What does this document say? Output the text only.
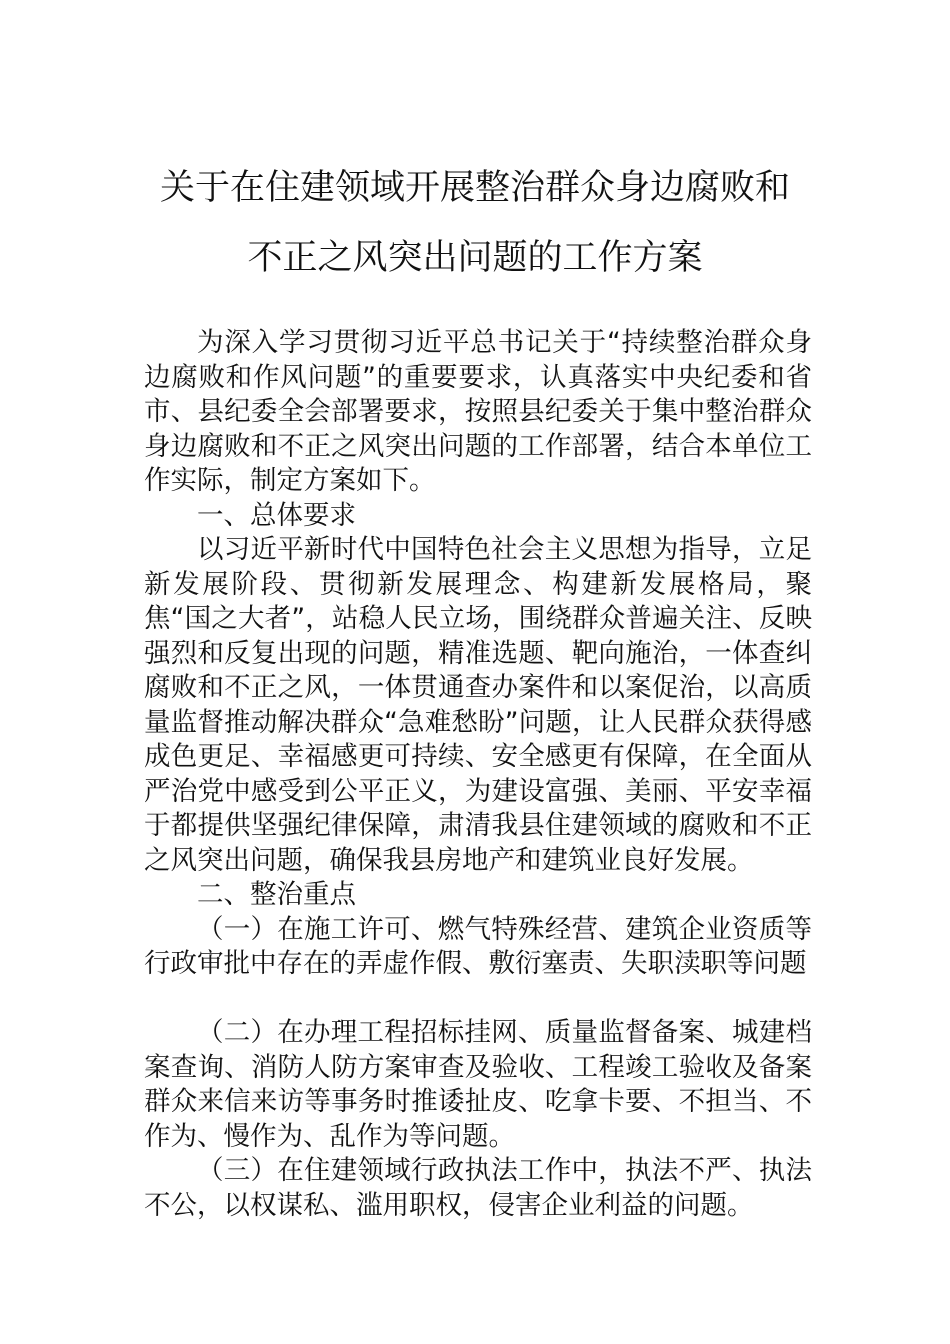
关于在住建领域开展整治群众身边腐败和
不正之风突出问题的工作方案

为深入学习贯彻习近平总书记关于“持续整治群众身边腐败和作风问题”的重要要求，认真落实中央纪委和省市、县纪委全会部署要求，按照县纪委关于集中整治群众身边腐败和不正之风突出问题的工作部署，结合本单位工作实际，制定方案如下。

一、总体要求

以习近平新时代中国特色社会主义思想为指导，立足新发展阶段、贯彻新发展理念、构建新发展格局，聚焦“国之大者”，站稳人民立场，围绕群众普遍关注、反映强烈和反复出现的问题，精准选题、靶向施治，一体查纠腐败和不正之风，一体贯通查办案件和以案促治，以高质量监督推动解决群众“急难愁盼”问题，让人民群众获得感成色更足、幸福感更可持续、安全感更有保障，在全面从严治党中感受到公平正义，为建设富强、美丽、平安幸福于都提供坚强纪律保障，肃清我县住建领域的腐败和不正之风突出问题，确保我县房地产和建筑业良好发展。

二、整治重点

（一）在施工许可、燃气特殊经营、建筑企业资质等行政审批中存在的弄虚作假、敷衍塞责、失职渎职等问题

（二）在办理工程招标挂网、质量监督备案、城建档案查询、消防人防方案审查及验收、工程竣工验收及备案群众来信来访等事务时推诿扯皮、吃拿卡要、不担当、不作为、慢作为、乱作为等问题。

（三）在住建领域行政执法工作中，执法不严、执法不公，以权谋私、滥用职权，侵害企业利益的问题。
